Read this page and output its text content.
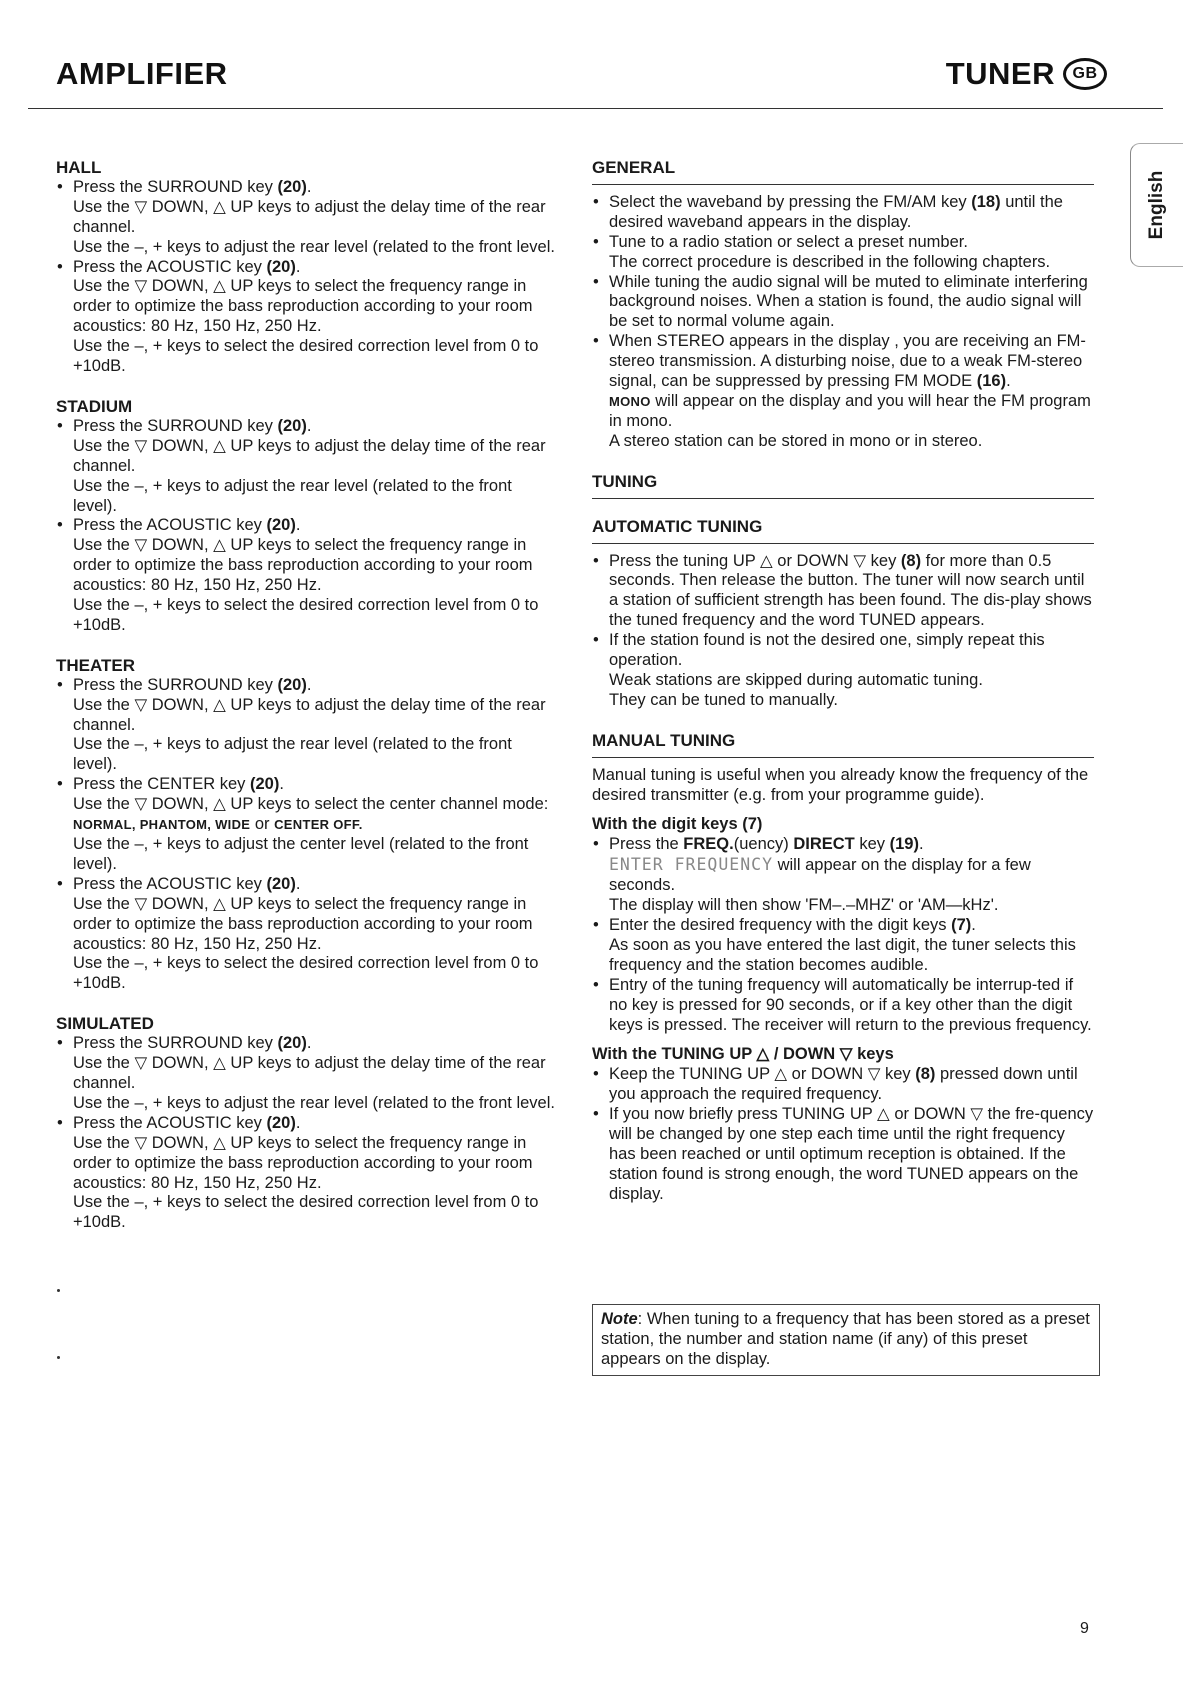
AMPLIFIER	TUNER	GB
English
HALL
• Press the SURROUND key (20).
Use the ▽ DOWN, △ UP keys to adjust the delay time of the rear channel.
Use the –, + keys to adjust the rear level (related to the front level.
• Press the ACOUSTIC key (20).
Use the ▽ DOWN, △ UP keys to select the frequency range in order to optimize the bass reproduction according to your room acoustics: 80 Hz, 150 Hz, 250 Hz.
Use the –, + keys to select the desired correction level from 0 to +10dB.
STADIUM
• Press the SURROUND key (20).
Use the ▽ DOWN, △ UP keys to adjust the delay time of the rear channel.
Use the –, + keys to adjust the rear level (related to the front level).
• Press the ACOUSTIC key (20).
Use the ▽ DOWN, △ UP keys to select the frequency range in order to optimize the bass reproduction according to your room acoustics: 80 Hz, 150 Hz, 250 Hz.
Use the –, + keys to select the desired correction level from 0 to +10dB.
THEATER
• Press the SURROUND key (20).
Use the ▽ DOWN, △ UP keys to adjust the delay time of the rear channel.
Use the –, + keys to adjust the rear level (related to the front level).
• Press the CENTER key (20).
Use the ▽ DOWN, △ UP keys to select the center channel mode: NORMAL, PHANTOM, WIDE or CENTER OFF.
Use the –, + keys to adjust the center level (related to the front level).
• Press the ACOUSTIC key (20).
Use the ▽ DOWN, △ UP keys to select the frequency range in order to optimize the bass reproduction according to your room acoustics: 80 Hz, 150 Hz, 250 Hz.
Use the –, + keys to select the desired correction level from 0 to +10dB.
SIMULATED
• Press the SURROUND key (20).
Use the ▽ DOWN, △ UP keys to adjust the delay time of the rear channel.
Use the –, + keys to adjust the rear level (related to the front level.
• Press the ACOUSTIC key (20).
Use the ▽ DOWN, △ UP keys to select the frequency range in order to optimize the bass reproduction according to your room acoustics: 80 Hz, 150 Hz, 250 Hz.
Use the –, + keys to select the desired correction level from 0 to +10dB.
GENERAL
• Select the waveband by pressing the FM/AM key (18) until the desired waveband appears in the display.
• Tune to a radio station or select a preset number.
The correct procedure is described in the following chapters.
• While tuning the audio signal will be muted to eliminate interfering background noises. When a station is found, the audio signal will be set to normal volume again.
• When STEREO appears in the display , you are receiving an FM-stereo transmission. A disturbing noise, due to a weak FM-stereo signal, can be suppressed by pressing FM MODE (16).
MONO will appear on the display and you will hear the FM program in mono.
A stereo station can be stored in mono or in stereo.
TUNING
AUTOMATIC TUNING
• Press the tuning UP △ or DOWN ▽ key (8) for more than 0.5 seconds. Then release the button. The tuner will now search until a station of sufficient strength has been found. The dis-play shows the tuned frequency and the word TUNED appears.
• If the station found is not the desired one, simply repeat this operation.
Weak stations are skipped during automatic tuning.
They can be tuned to manually.
MANUAL TUNING
Manual tuning is useful when you already know the frequency of the desired transmitter (e.g. from your programme guide).
With the digit keys (7)
• Press the FREQ.(uency) DIRECT key (19).
ENTER FREQUENCY will appear on the display for a few seconds.
The display will then show 'FM–.–MHZ' or 'AM—kHz'.
• Enter the desired frequency with the digit keys (7).
As soon as you have entered the last digit, the tuner selects this frequency and the station becomes audible.
• Entry of the tuning frequency will automatically be interrup-ted if no key is pressed for 90 seconds, or if a key other than the digit keys is pressed. The receiver will return to the previous frequency.
With the TUNING UP △ / DOWN ▽ keys
• Keep the TUNING UP △ or DOWN ▽ key (8) pressed down until you approach the required frequency.
• If you now briefly press TUNING UP △ or DOWN ▽ the fre-quency will be changed by one step each time until the right frequency has been reached or until optimum reception is obtained. If the station found is strong enough, the word TUNED appears on the display.
Note: When tuning to a frequency that has been stored as a preset station, the number and station name (if any) of this preset appears on the display.
9
